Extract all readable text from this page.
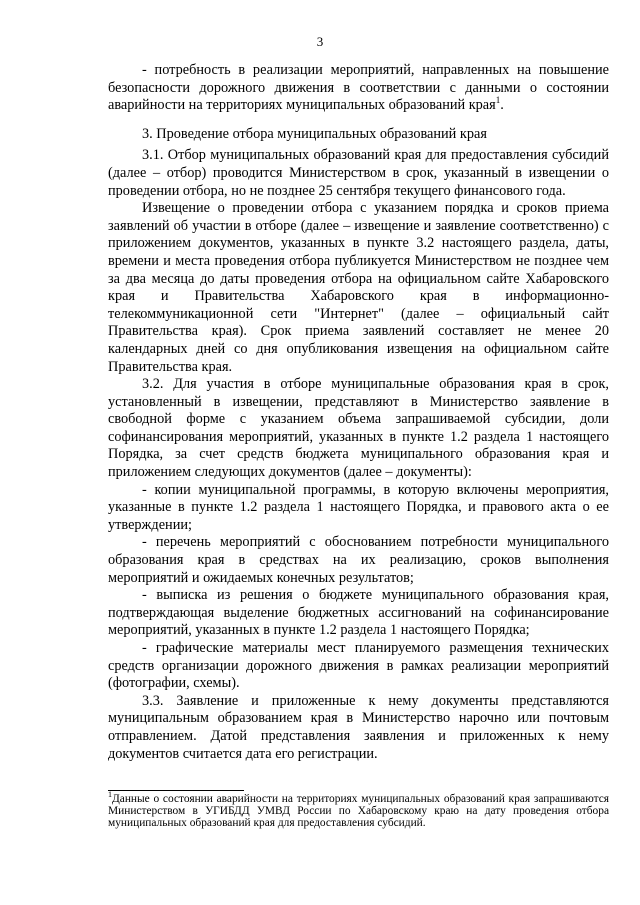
3

- потребность в реализации мероприятий, направленных на повышение безопасности дорожного движения в соответствии с данными о состоянии аварийности на территориях муниципальных образований края$^1$.

3. Проведение отбора муниципальных образований края

3.1. Отбор муниципальных образований края для предоставления субсидий (далее – отбор) проводится Министерством в срок, указанный в извещении о проведении отбора, но не позднее 25 сентября текущего финансового года.

Извещение о проведении отбора с указанием порядка и сроков приема заявлений об участии в отборе (далее – извещение и заявление соответственно) с приложением документов, указанных в пункте 3.2 настоящего раздела, даты, времени и места проведения отбора публикуется Министерством не позднее чем за два месяца до даты проведения отбора на официальном сайте Хабаровского края и Правительства Хабаровского края в информационно-телекоммуникационной сети "Интернет" (далее – официальный сайт Правительства края). Срок приема заявлений составляет не менее 20 календарных дней со дня опубликования извещения на официальном сайте Правительства края.

3.2. Для участия в отборе муниципальные образования края в срок, установленный в извещении, представляют в Министерство заявление в свободной форме с указанием объема запрашиваемой субсидии, доли софинансирования мероприятий, указанных в пункте 1.2 раздела 1 настоящего Порядка, за счет средств бюджета муниципального образования края и приложением следующих документов (далее – документы):

- копии муниципальной программы, в которую включены мероприятия, указанные в пункте 1.2 раздела 1 настоящего Порядка, и правового акта о ее утверждении;

- перечень мероприятий с обоснованием потребности муниципального образования края в средствах на их реализацию, сроков выполнения мероприятий и ожидаемых конечных результатов;

- выписка из решения о бюджете муниципального образования края, подтверждающая выделение бюджетных ассигнований на софинансирование мероприятий, указанных в пункте 1.2 раздела 1 настоящего Порядка;

- графические материалы мест планируемого размещения технических средств организации дорожного движения в рамках реализации мероприятий (фотографии, схемы).

3.3. Заявление и приложенные к нему документы представляются муниципальным образованием края в Министерство нарочно или почтовым отправлением. Датой представления заявления и приложенных к нему документов считается дата его регистрации.

$^1$Данные о состоянии аварийности на территориях муниципальных образований края запрашиваются Министерством в УГИБДД УМВД России по Хабаровскому краю на дату проведения отбора муниципальных образований края для предоставления субсидий.
